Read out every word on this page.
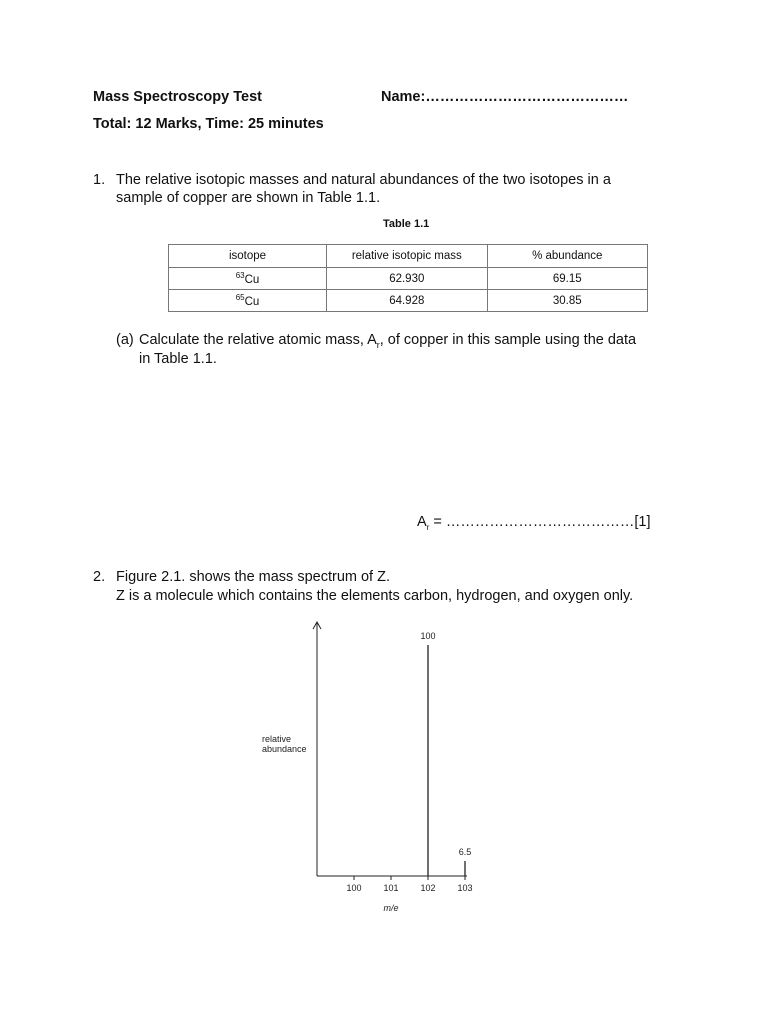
Mass Spectroscopy Test	Name:……………………………………
Total: 12 Marks, Time: 25 minutes
1. The relative isotopic masses and natural abundances of the two isotopes in a
sample of copper are shown in Table 1.1.
Table 1.1
isotope	relative isotopic mass	% abundance
$^{63}$Cu	62.930	69.15
$^{65}$Cu	64.928	30.85
(a) Calculate the relative atomic mass, $A_r$, of copper in this sample using the data
in Table 1.1.
$A_r$ = …………………………………[1]
2. Figure 2.1. shows the mass spectrum of Z.
Z is a molecule which contains the elements carbon, hydrogen, and oxygen only.
100 101 102 103
100
6.5
relative
abundance
m/e
